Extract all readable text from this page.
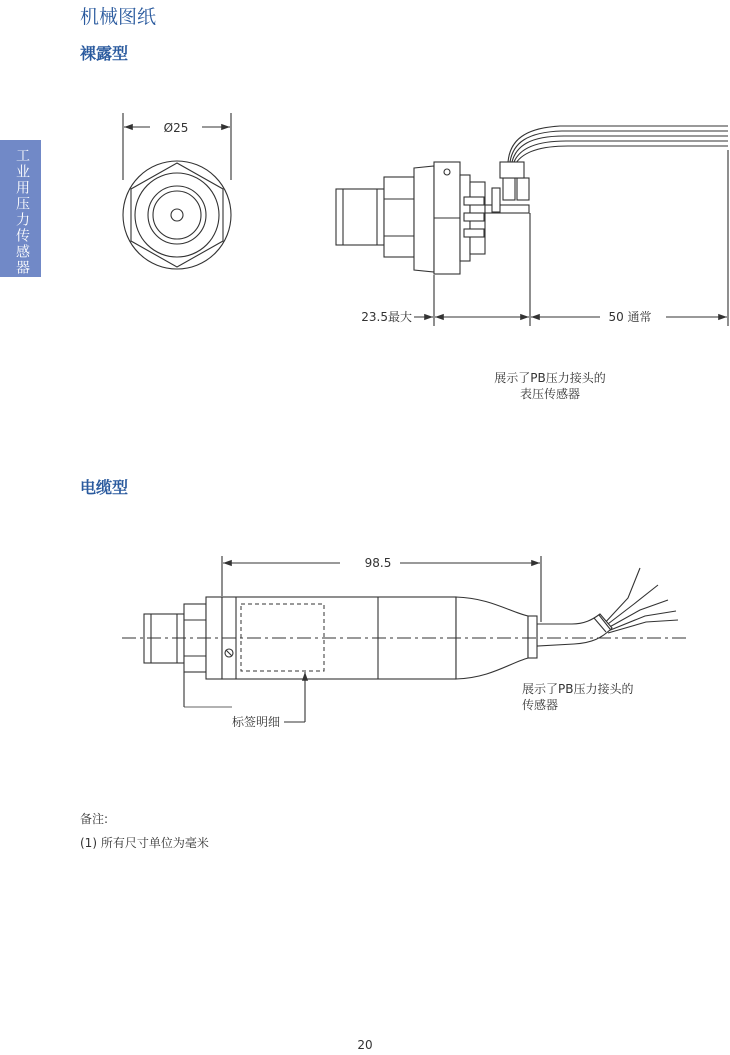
机械图纸
裸露型
电缆型
工业用压力传感器
Ø25
23.5最大	50 通常
展示了PB压力接头的
表压传感器
98.5
展示了PB压力接头的
传感器
标签明细
备注:
(1) 所有尺寸单位为毫米
20
